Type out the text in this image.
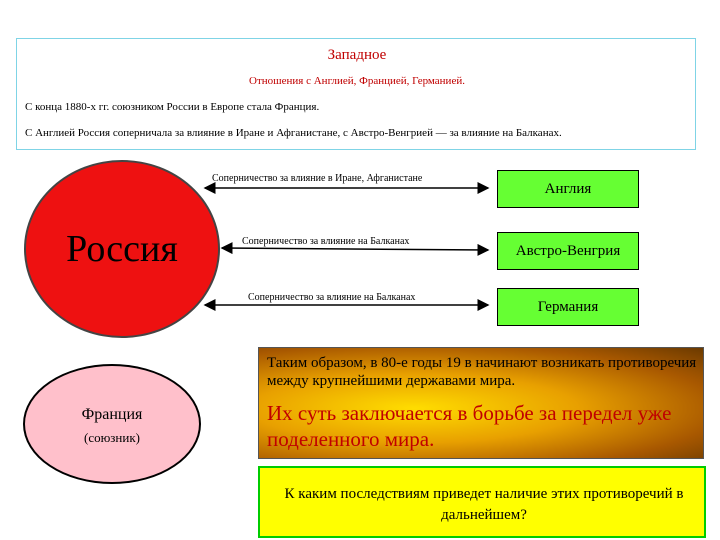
Западное
Отношения с Англией, Францией, Германией.
С конца 1880-х гг. союзником России в Европе стала Франция.
С Англией Россия соперничала за влияние в Иране и Афганистане, с Австро-Венгрией — за влияние на Балканах.
Соперничество за влияние в Иране, Афганистане
Соперничество за влияние на Балканах
Соперничество за влияние на Балканах
Англия
Австро-Венгрия
Германия
Россия
Франция
(союзник)
Таким образом, в 80-е годы 19 в начинают возникать противоречия между крупнейшими державами мира.
Их суть заключается в борьбе за передел уже поделенного мира.
К каким последствиям приведет наличие этих противоречий в дальнейшем?
